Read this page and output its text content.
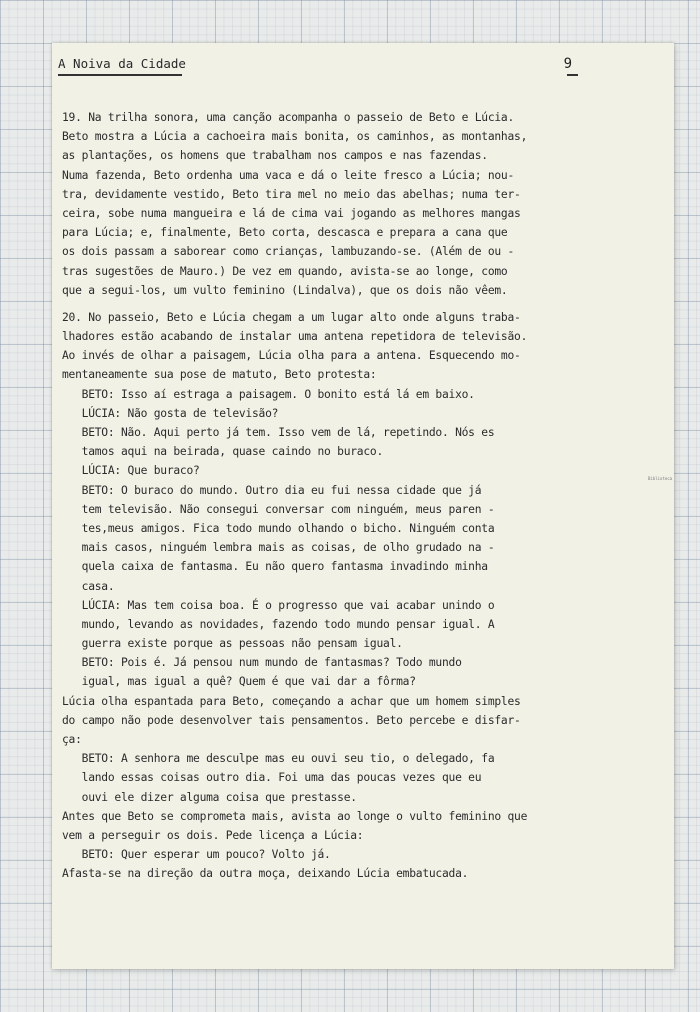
A Noiva da Cidade	9
Biblioteca
19. Na trilha sonora, uma canção acompanha o passeio de Beto e Lúcia.
Beto mostra a Lúcia a cachoeira mais bonita, os caminhos, as montanhas,
as plantações, os homens que trabalham nos campos e nas fazendas.
Numa fazenda, Beto ordenha uma vaca e dá o leite fresco a Lúcia; nou-
tra, devidamente vestido, Beto tira mel no meio das abelhas; numa ter-
ceira, sobe numa mangueira e lá de cima vai jogando as melhores mangas
para Lúcia; e, finalmente, Beto corta, descasca e prepara a cana que
os dois passam a saborear como crianças, lambuzando-se. (Além de ou -
tras sugestões de Mauro.) De vez em quando, avista-se ao longe, como
que a segui-los, um vulto feminino (Lindalva), que os dois não vêem.
20. No passeio, Beto e Lúcia chegam a um lugar alto onde alguns traba-
lhadores estão acabando de instalar uma antena repetidora de televisão.
Ao invés de olhar a paisagem, Lúcia olha para a antena. Esquecendo mo-
mentaneamente sua pose de matuto, Beto protesta:
BETO: Isso aí estraga a paisagem. O bonito está lá em baixo.
LÚCIA: Não gosta de televisão?
BETO: Não. Aqui perto já tem. Isso vem de lá, repetindo. Nós es
tamos aqui na beirada, quase caindo no buraco.
LÚCIA: Que buraco?
BETO: O buraco do mundo. Outro dia eu fui nessa cidade que já
tem televisão. Não consegui conversar com ninguém, meus paren -
tes,meus amigos. Fica todo mundo olhando o bicho. Ninguém conta
mais casos, ninguém lembra mais as coisas, de olho grudado na -
quela caixa de fantasma. Eu não quero fantasma invadindo minha
casa.
LÚCIA: Mas tem coisa boa. É o progresso que vai acabar unindo o
mundo, levando as novidades, fazendo todo mundo pensar igual. A
guerra existe porque as pessoas não pensam igual.
BETO: Pois é. Já pensou num mundo de fantasmas? Todo mundo
igual, mas igual a quê? Quem é que vai dar a fôrma?
Lúcia olha espantada para Beto, começando a achar que um homem simples
do campo não pode desenvolver tais pensamentos. Beto percebe e disfar-
ça:
BETO: A senhora me desculpe mas eu ouvi seu tio, o delegado, fa
lando essas coisas outro dia. Foi uma das poucas vezes que eu
ouvi ele dizer alguma coisa que prestasse.
Antes que Beto se comprometa mais, avista ao longe o vulto feminino que
vem a perseguir os dois. Pede licença a Lúcia:
BETO: Quer esperar um pouco? Volto já.
Afasta-se na direção da outra moça, deixando Lúcia embatucada.
